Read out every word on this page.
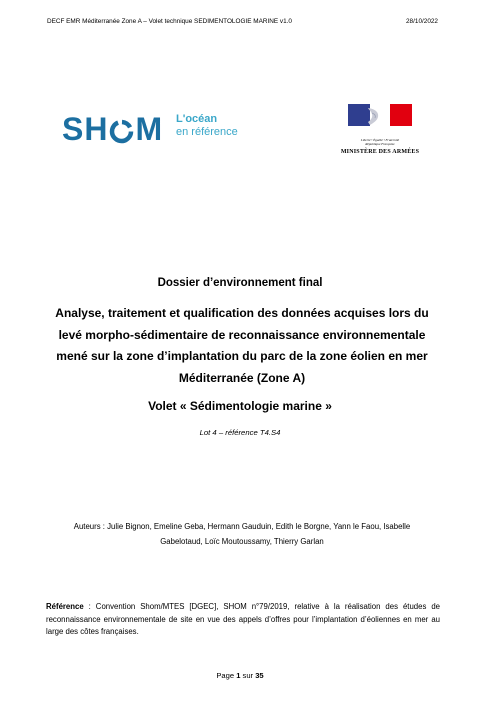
DECF EMR Méditerranée Zone A – Volet technique SEDIMENTOLOGIE MARINE v1.0	28/10/2022
SH M L'océan
en référence
Liberté • Égalité • Fraternité
République Française
MINISTÈRE DES ARMÉES
Dossier d’environnement final
Analyse, traitement et qualification des données acquises lors du levé morpho-sédimentaire de reconnaissance environnementale mené sur la zone d’implantation du parc de la zone éolien en mer Méditerranée (Zone A)
Volet « Sédimentologie marine »
Lot 4 – référence T4.S4
Auteurs : Julie Bignon, Emeline Geba, Hermann Gauduin, Edith le Borgne, Yann le Faou, Isabelle Gabelotaud, Loïc Moutoussamy, Thierry Garlan
Référence : Convention Shom/MTES [DGEC], SHOM n°79/2019, relative à la réalisation des études de reconnaissance environnementale de site en vue des appels d’offres pour l’implantation d’éoliennes en mer au large des côtes françaises.
Page 1 sur 35
